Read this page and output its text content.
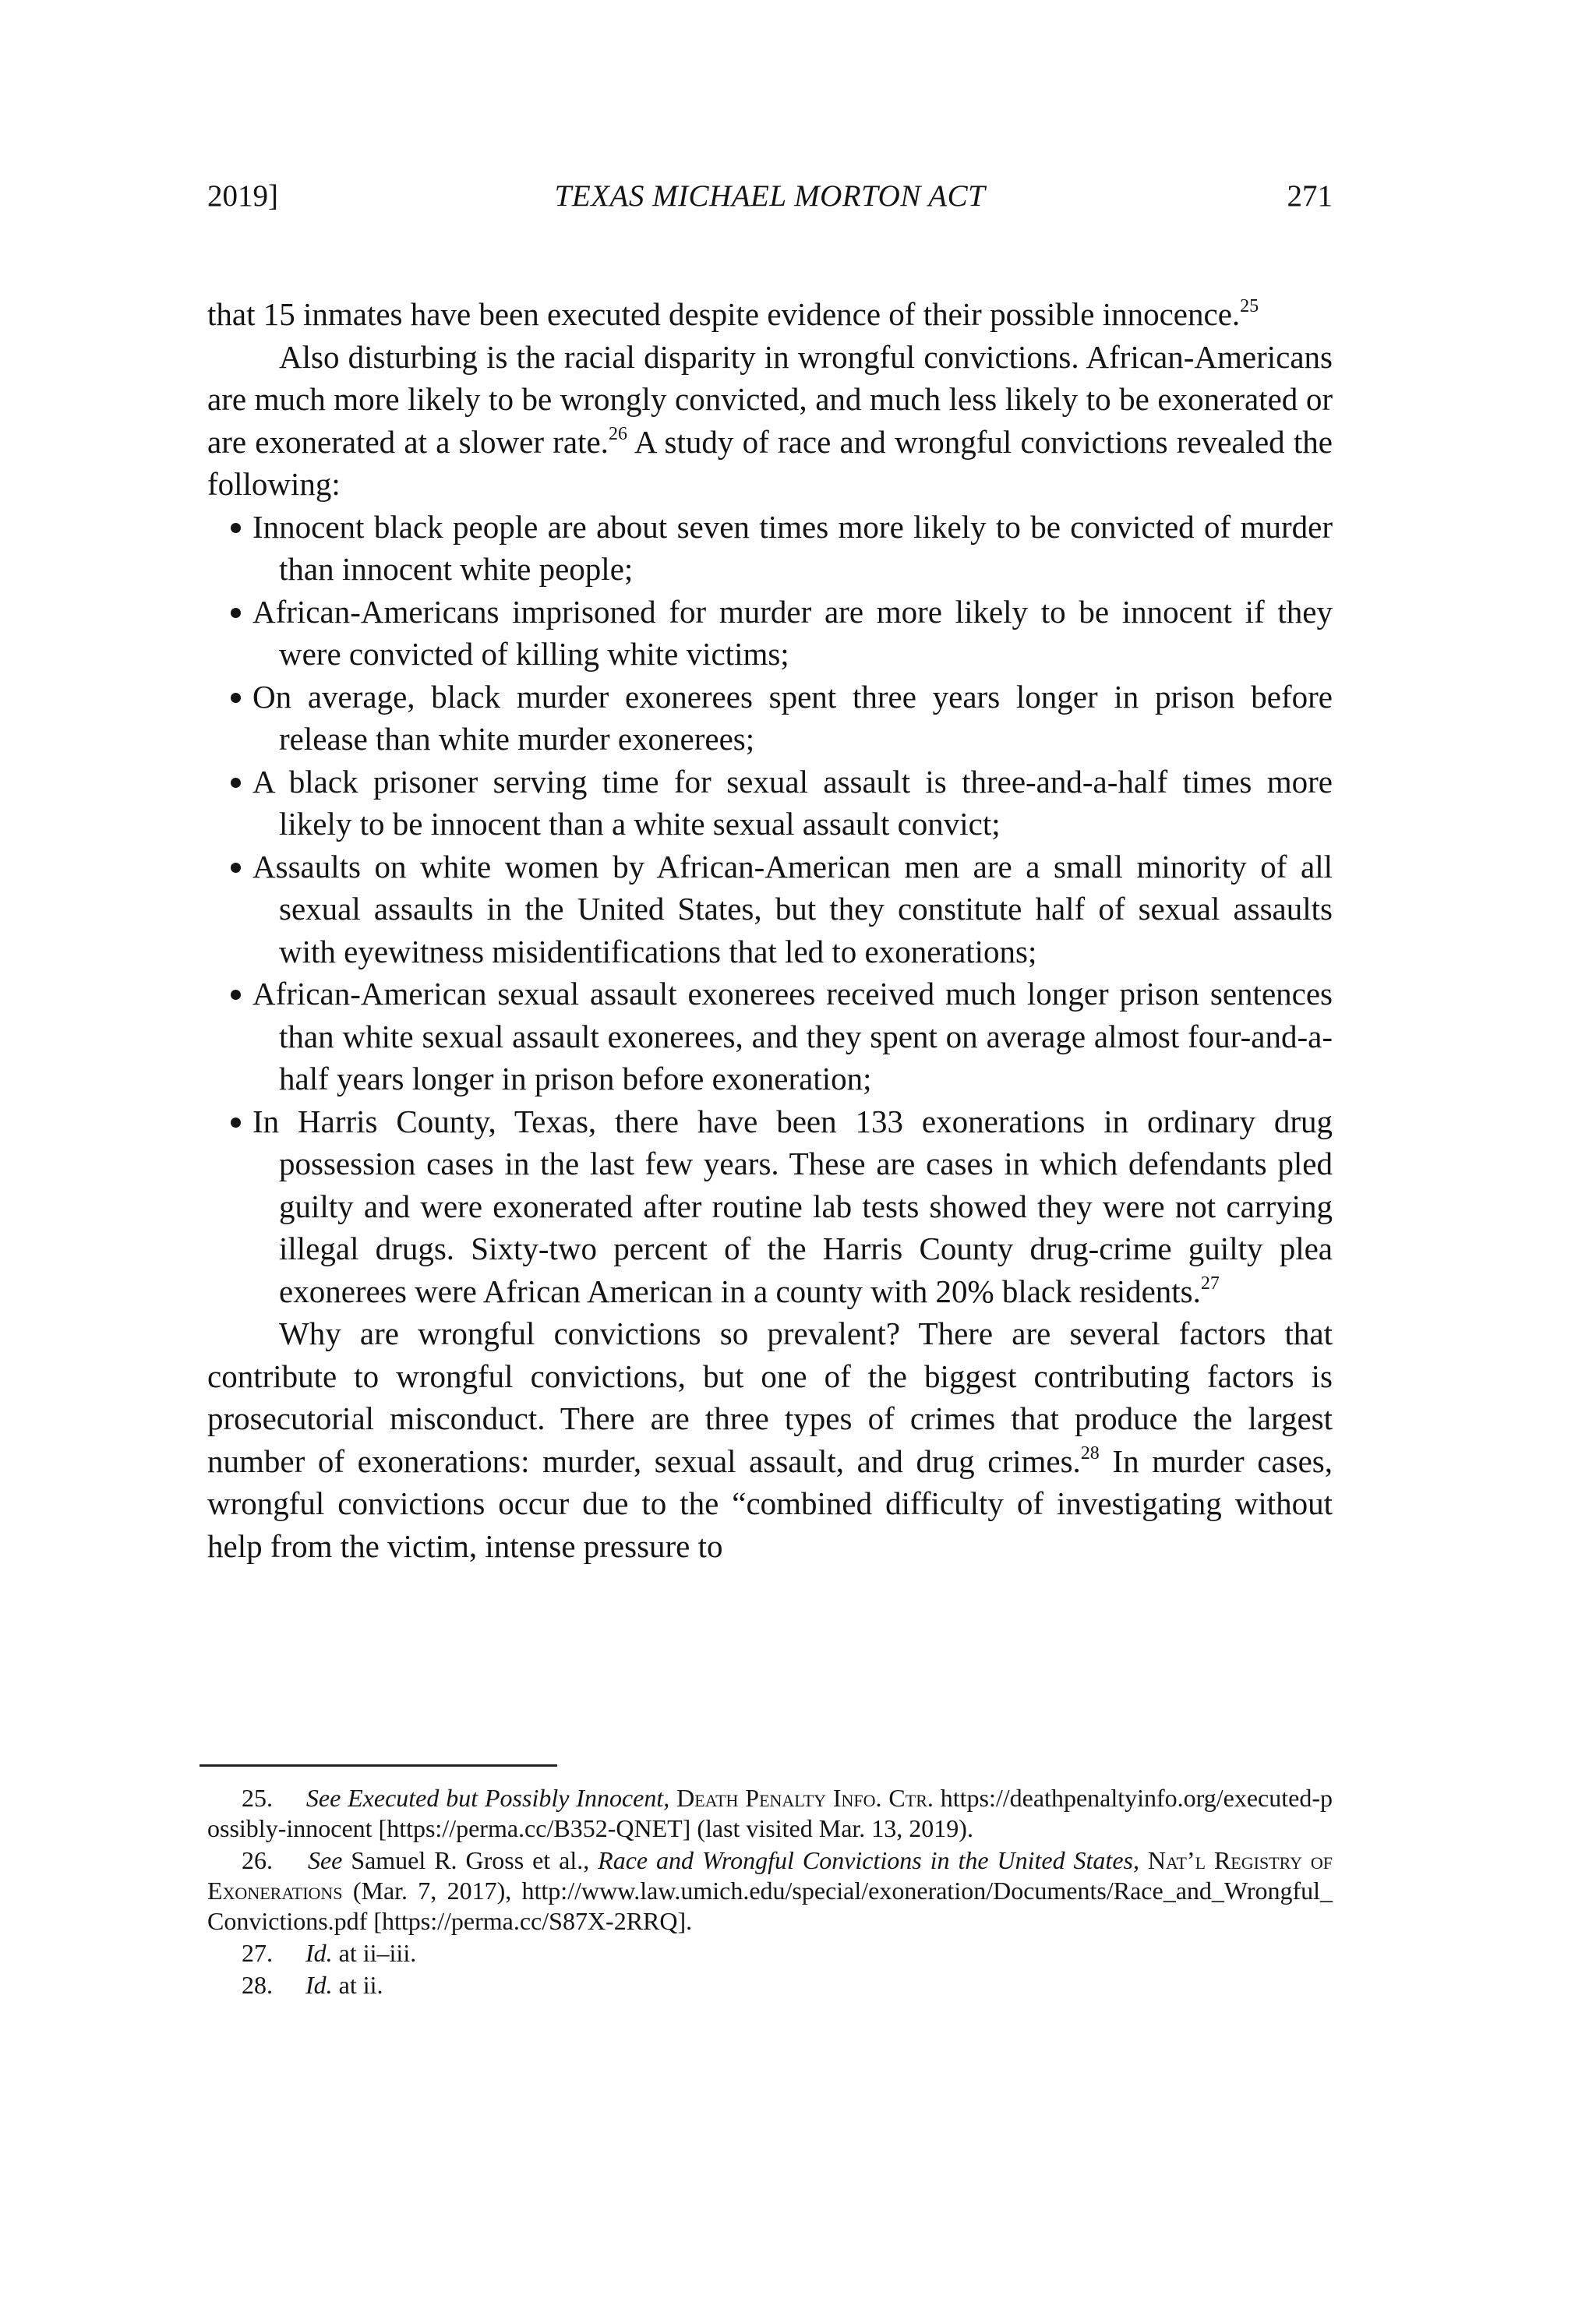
2019]	TEXAS MICHAEL MORTON ACT	271

that 15 inmates have been executed despite evidence of their possible innocence.$^{25}$

Also disturbing is the racial disparity in wrongful convictions. African-Americans are much more likely to be wrongly convicted, and much less likely to be exonerated or are exonerated at a slower rate.$^{26}$ A study of race and wrongful convictions revealed the following:

Innocent black people are about seven times more likely to be convicted of murder than innocent white people;
African-Americans imprisoned for murder are more likely to be innocent if they were convicted of killing white victims;
On average, black murder exonerees spent three years longer in prison before release than white murder exonerees;
A black prisoner serving time for sexual assault is three-and-a-half times more likely to be innocent than a white sexual assault convict;
Assaults on white women by African-American men are a small minority of all sexual assaults in the United States, but they constitute half of sexual assaults with eyewitness misidentifications that led to exonerations;
African-American sexual assault exonerees received much longer prison sentences than white sexual assault exonerees, and they spent on average almost four-and-a-half years longer in prison before exoneration;
In Harris County, Texas, there have been 133 exonerations in ordinary drug possession cases in the last few years. These are cases in which defendants pled guilty and were exonerated after routine lab tests showed they were not carrying illegal drugs. Sixty-two percent of the Harris County drug-crime guilty plea exonerees were African American in a county with 20% black residents.$^{27}$

Why are wrongful convictions so prevalent? There are several factors that contribute to wrongful convictions, but one of the biggest contributing factors is prosecutorial misconduct. There are three types of crimes that produce the largest number of exonerations: murder, sexual assault, and drug crimes.$^{28}$ In murder cases, wrongful convictions occur due to the “combined difficulty of investigating without help from the victim, intense pressure to

25. See Executed but Possibly Innocent, Death Penalty Info. Ctr. https://deathpenaltyinfo.org/executed-possibly-innocent [https://perma.cc/B352-QNET] (last visited Mar. 13, 2019).

26. See Samuel R. Gross et al., Race and Wrongful Convictions in the United States, Nat’l Registry of Exonerations (Mar. 7, 2017), http://www.law.umich.edu/special/exoneration/Documents/Race_and_Wrongful_Convictions.pdf [https://perma.cc/S87X-2RRQ].

27. Id. at ii–iii.

28. Id. at ii.
